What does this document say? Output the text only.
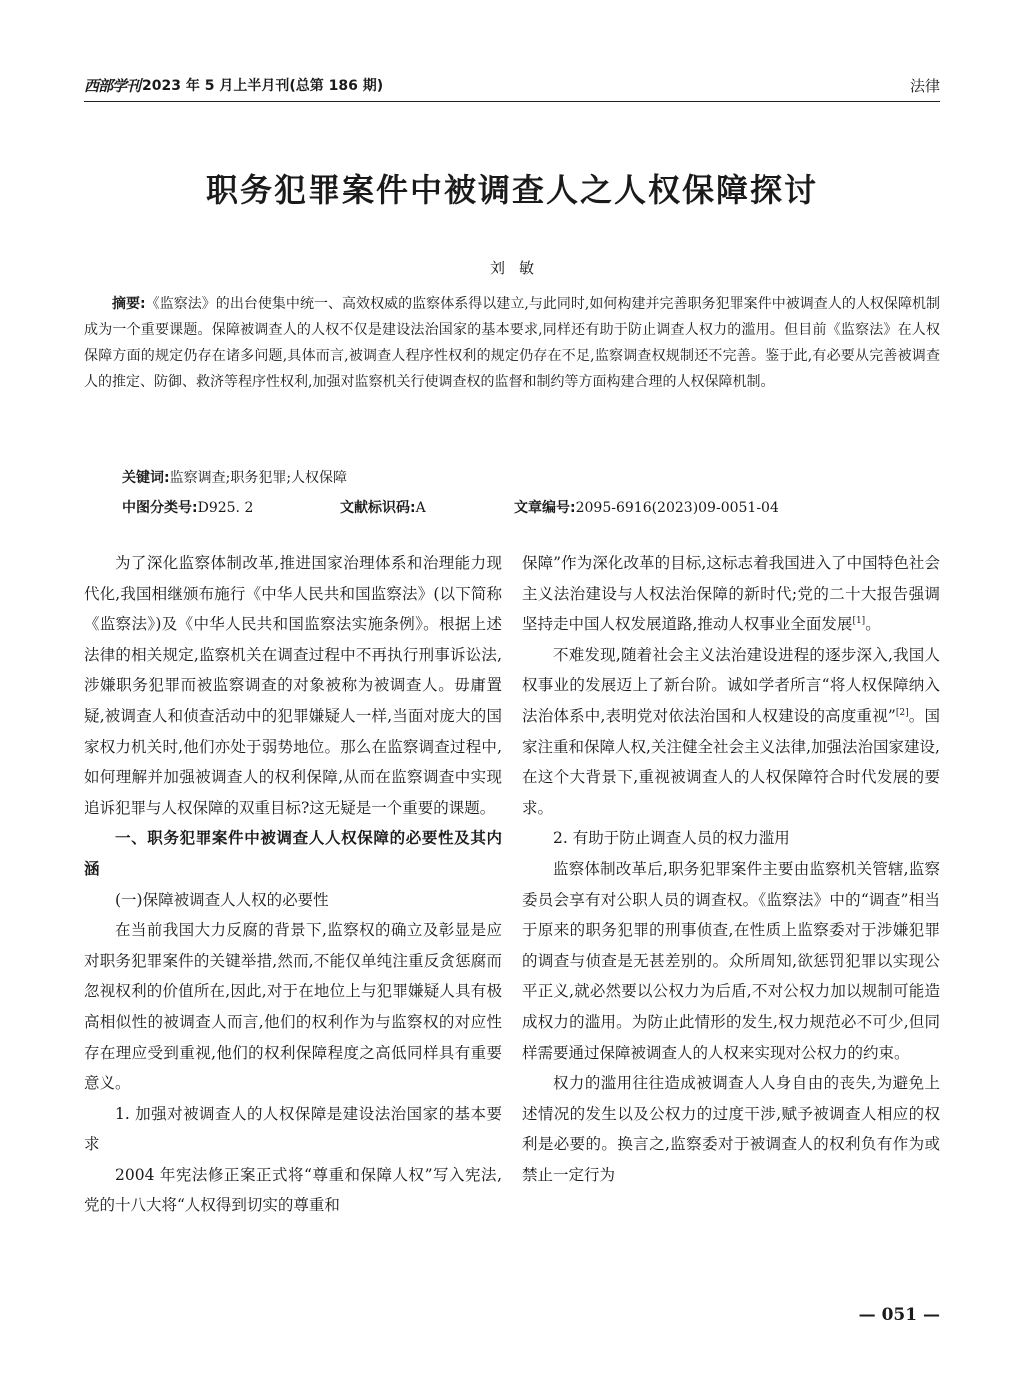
西部学刊 2023 年 5 月上半月刊(总第 186 期)	法律
职务犯罪案件中被调查人之人权保障探讨
刘敏
摘要:《监察法》的出台使集中统一、高效权威的监察体系得以建立,与此同时,如何构建并完善职务犯罪案件中被调查人的人权保障机制成为一个重要课题。保障被调查人的人权不仅是建设法治国家的基本要求,同样还有助于防止调查人权力的滥用。但目前《监察法》在人权保障方面的规定仍存在诸多问题,具体而言,被调查人程序性权利的规定仍存在不足,监察调查权规制还不完善。鉴于此,有必要从完善被调查人的推定、防御、救济等程序性权利,加强对监察机关行使调查权的监督和制约等方面构建合理的人权保障机制。
关键词:监察调查;职务犯罪;人权保障
中图分类号:D925. 2	文献标识码:A	文章编号:2095-6916(2023)09-0051-04

为了深化监察体制改革,推进国家治理体系和治理能力现代化,我国相继颁布施行《中华人民共和国监察法》(以下简称《监察法》)及《中华人民共和国监察法实施条例》。根据上述法律的相关规定,监察机关在调查过程中不再执行刑事诉讼法,涉嫌职务犯罪而被监察调查的对象被称为被调查人。毋庸置疑,被调查人和侦查活动中的犯罪嫌疑人一样,当面对庞大的国家权力机关时,他们亦处于弱势地位。那么在监察调查过程中,如何理解并加强被调查人的权利保障,从而在监察调查中实现追诉犯罪与人权保障的双重目标?这无疑是一个重要的课题。

一、职务犯罪案件中被调查人人权保障的必要性及其内涵
(一)保障被调查人人权的必要性

在当前我国大力反腐的背景下,监察权的确立及彰显是应对职务犯罪案件的关键举措,然而,不能仅单纯注重反贪惩腐而忽视权利的价值所在,因此,对于在地位上与犯罪嫌疑人具有极高相似性的被调查人而言,他们的权利作为与监察权的对应性存在理应受到重视,他们的权利保障程度之高低同样具有重要意义。

1. 加强对被调查人的人权保障是建设法治国家的基本要求

2004 年宪法修正案正式将“尊重和保障人权”写入宪法,党的十八大将“人权得到切实的尊重和

保障”作为深化改革的目标,这标志着我国进入了中国特色社会主义法治建设与人权法治保障的新时代;党的二十大报告强调坚持走中国人权发展道路,推动人权事业全面发展[1]。

不难发现,随着社会主义法治建设进程的逐步深入,我国人权事业的发展迈上了新台阶。诚如学者所言“将人权保障纳入法治体系中,表明党对依法治国和人权建设的高度重视”[2]。国家注重和保障人权,关注健全社会主义法律,加强法治国家建设,在这个大背景下,重视被调查人的人权保障符合时代发展的要求。

2. 有助于防止调查人员的权力滥用

监察体制改革后,职务犯罪案件主要由监察机关管辖,监察委员会享有对公职人员的调查权。《监察法》中的“调查”相当于原来的职务犯罪的刑事侦查,在性质上监察委对于涉嫌犯罪的调查与侦查是无甚差别的。众所周知,欲惩罚犯罪以实现公平正义,就必然要以公权力为后盾,不对公权力加以规制可能造成权力的滥用。为防止此情形的发生,权力规范必不可少,但同样需要通过保障被调查人的人权来实现对公权力的约束。

权力的滥用往往造成被调查人人身自由的丧失,为避免上述情况的发生以及公权力的过度干涉,赋予被调查人相应的权利是必要的。换言之,监察委对于被调查人的权利负有作为或禁止一定行为

— 051 —
